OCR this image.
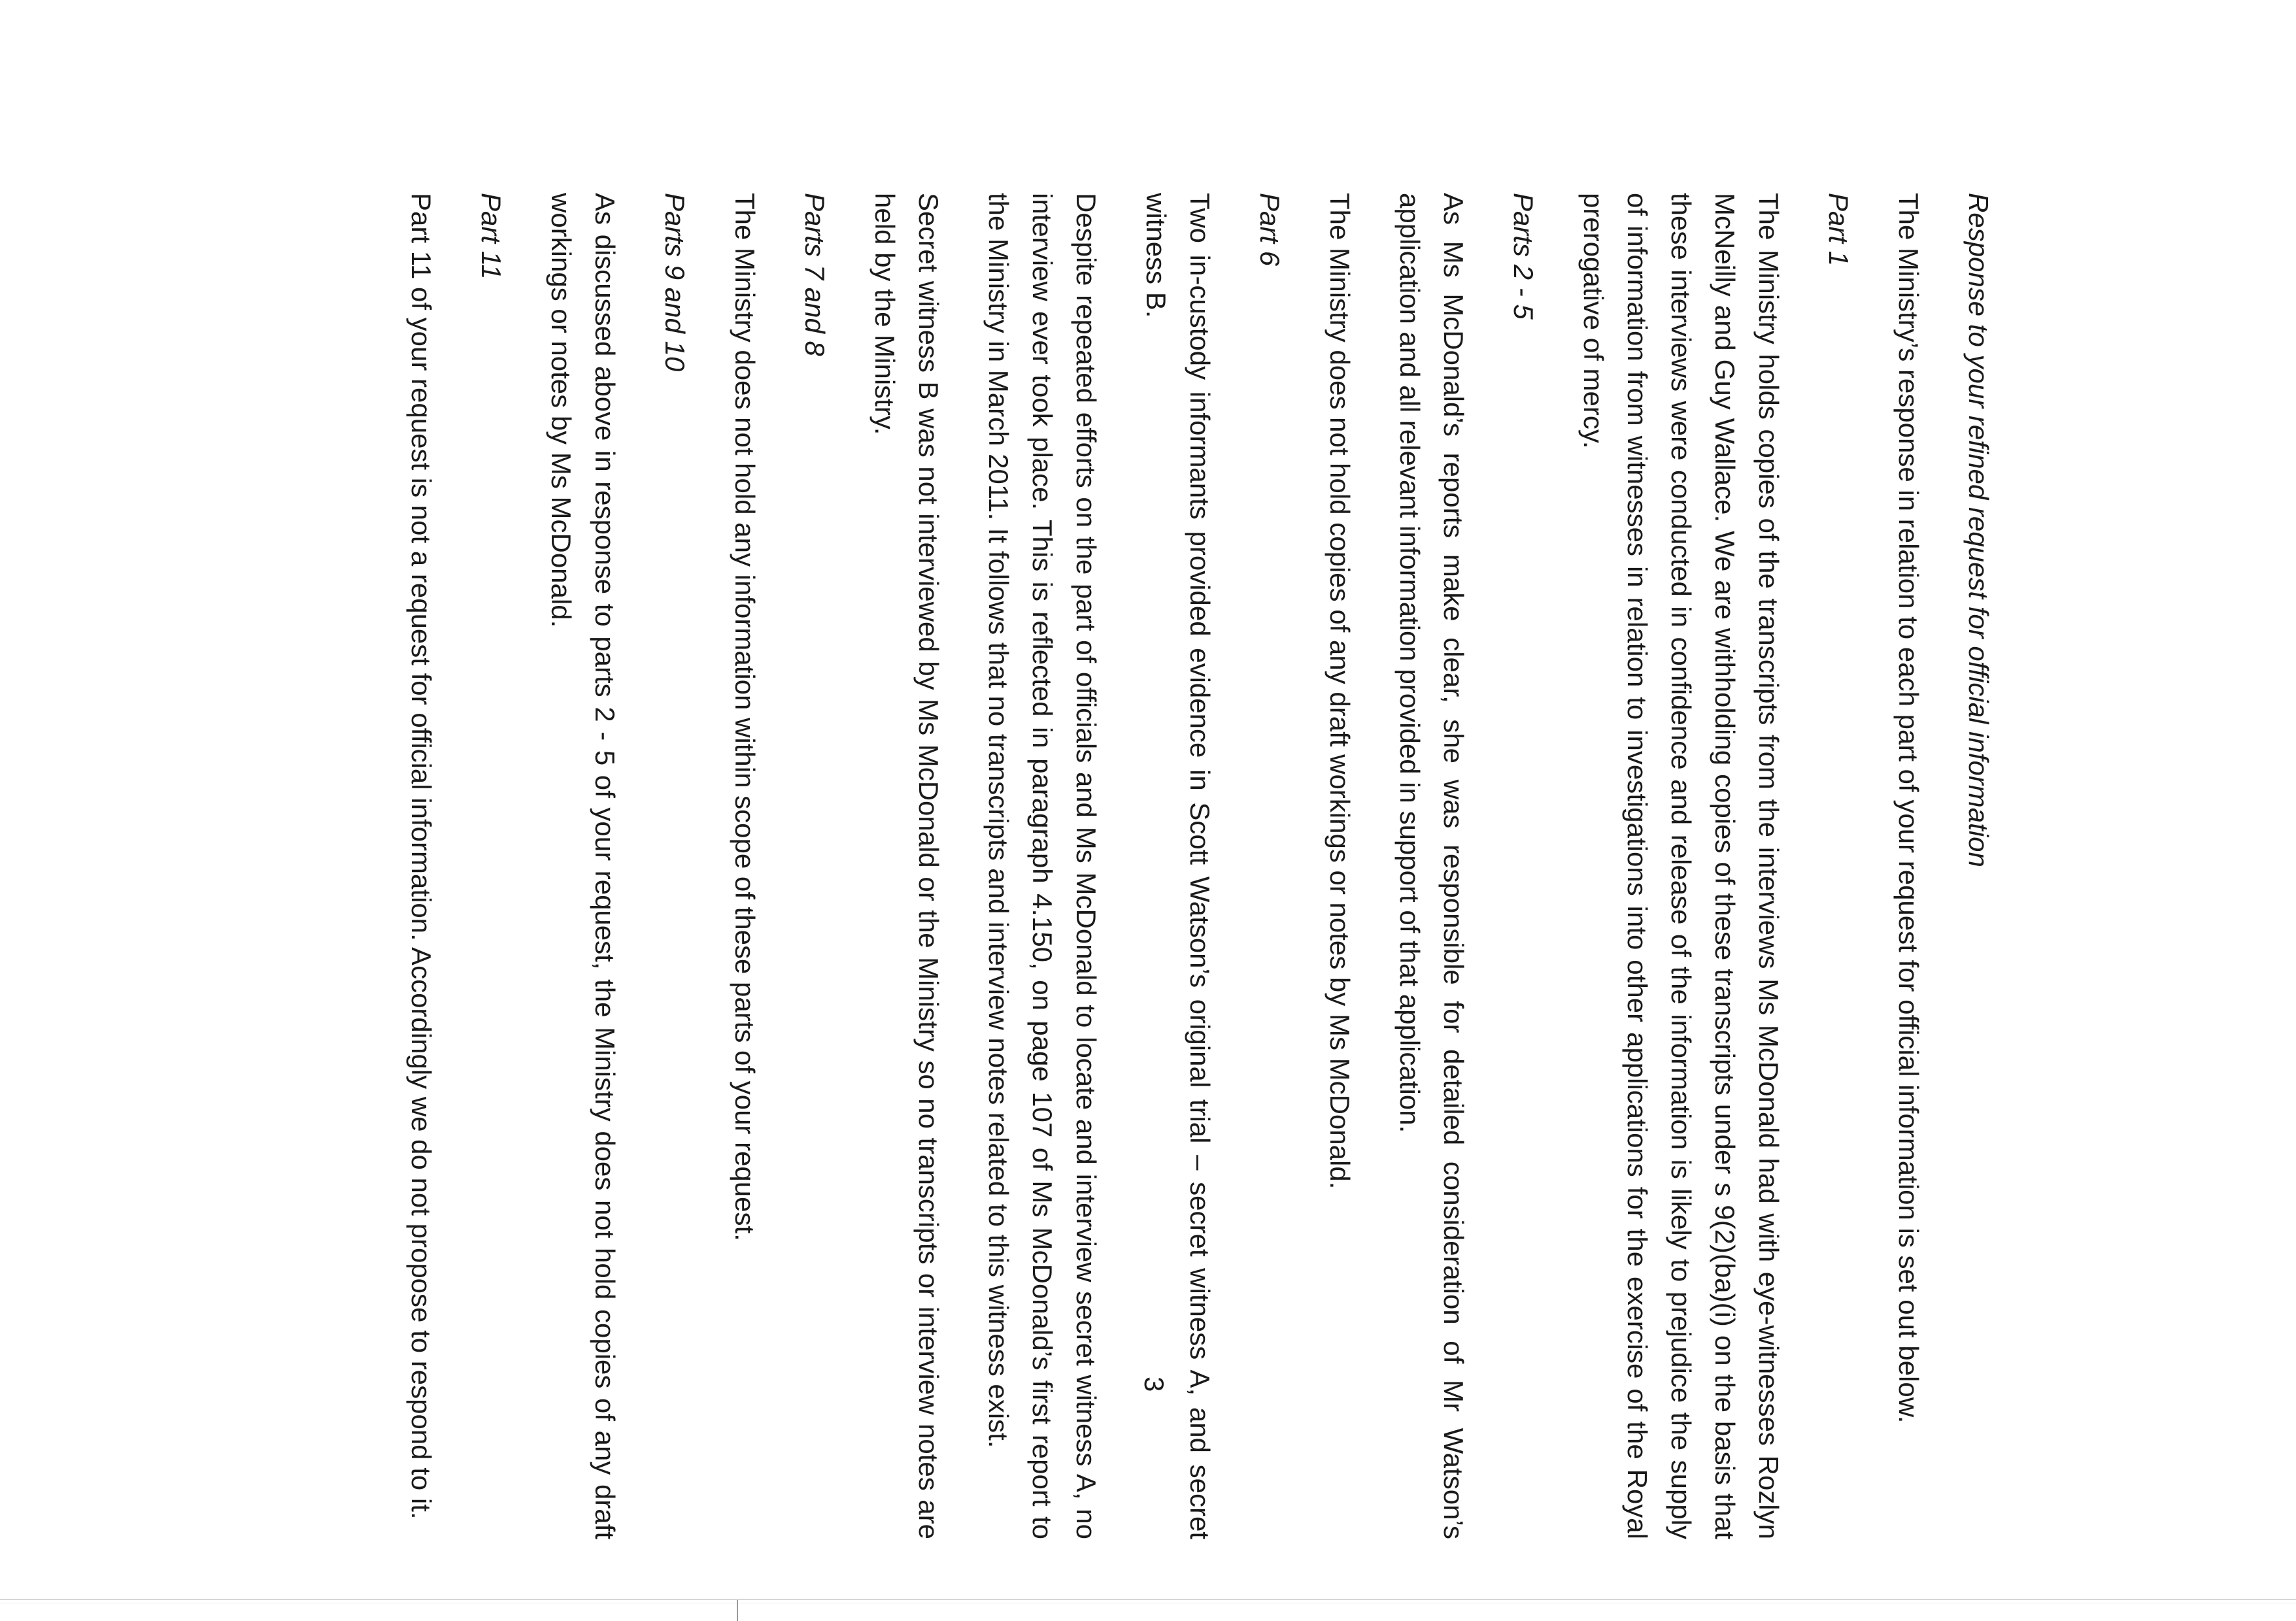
Response to your refined request for official information

The Ministry’s response in relation to each part of your request for official information is set out below.

Part 1

The Ministry holds copies of the transcripts from the interviews Ms McDonald had with eye-witnesses Rozlyn McNeilly and Guy Wallace. We are withholding copies of these transcripts under s 9(2)(ba)(i) on the basis that these interviews were conducted in confidence and release of the information is likely to prejudice the supply of information from witnesses in relation to investigations into other applications for the exercise of the Royal prerogative of mercy.

Parts 2 - 5

As Ms McDonald’s reports make clear, she was responsible for detailed consideration of Mr Watson’s application and all relevant information provided in support of that application.

The Ministry does not hold copies of any draft workings or notes by Ms McDonald.

Part 6

Two in-custody informants provided evidence in Scott Watson’s original trial – secret witness A, and secret witness B.

Despite repeated efforts on the part of officials and Ms McDonald to locate and interview secret witness A, no interview ever took place. This is reflected in paragraph 4.150, on page 107 of Ms McDonald’s first report to the Ministry in March 2011. It follows that no transcripts and interview notes related to this witness exist.

Secret witness B was not interviewed by Ms McDonald or the Ministry so no transcripts or interview notes are held by the Ministry.

Parts 7 and 8

The Ministry does not hold any information within scope of these parts of your request.

Parts 9 and 10

As discussed above in response to parts 2 - 5 of your request, the Ministry does not hold copies of any draft workings or notes by Ms McDonald.

Part 11

Part 11 of your request is not a request for official information. Accordingly we do not propose to respond to it.	3
